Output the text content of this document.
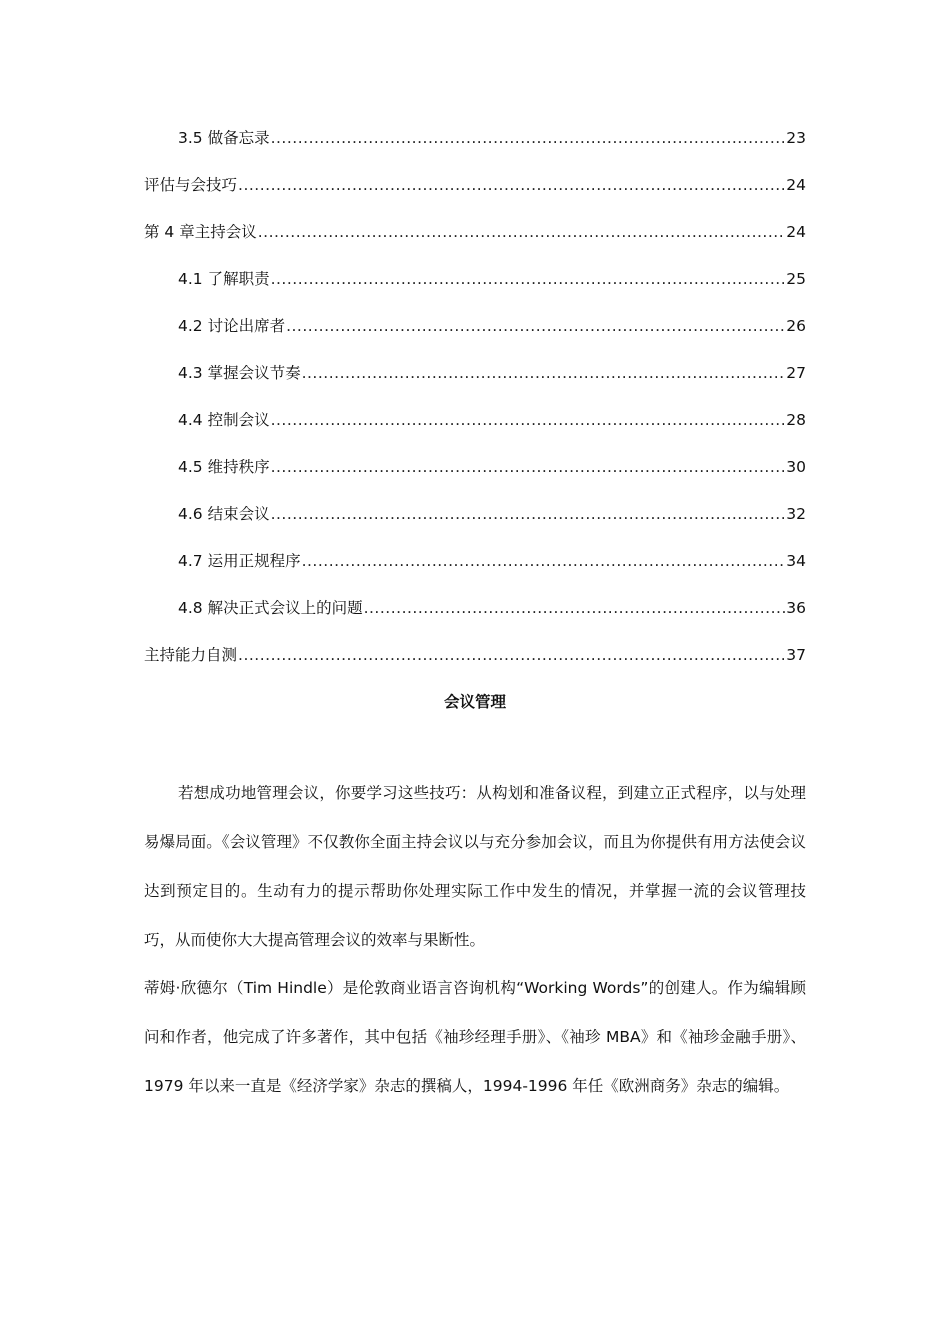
3.5 做备忘录 .....	23
评估与会技巧 .....	24
第 4 章主持会议 .....	24
4.1 了解职责 .....	25
4.2 讨论出席者 .....	26
4.3 掌握会议节奏 .....	27
4.4 控制会议 .....	28
4.5 维持秩序 .....	30
4.6 结束会议 .....	32
4.7 运用正规程序 .....	34
4.8 解决正式会议上的问题 .....	36
主持能力自测 .....	37
会议管理

若想成功地管理会议，你要学习这些技巧：从构划和准备议程，到建立正式程序，以与处理易爆局面。《会议管理》不仅教你全面主持会议以与充分参加会议，而且为你提供有用方法使会议达到预定目的。生动有力的提示帮助你处理实际工作中发生的情况，并掌握一流的会议管理技巧，从而使你大大提高管理会议的效率与果断性。

蒂姆·欣德尔（Tim Hindle）是伦敦商业语言咨询机构“Working Words”的创建人。作为编辑顾问和作者，他完成了许多著作，其中包括《袖珍经理手册》、《袖珍 MBA》和《袖珍金融手册》、1979 年以来一直是《经济学家》杂志的撰稿人，1994-1996 年任《欧洲商务》杂志的编辑。
